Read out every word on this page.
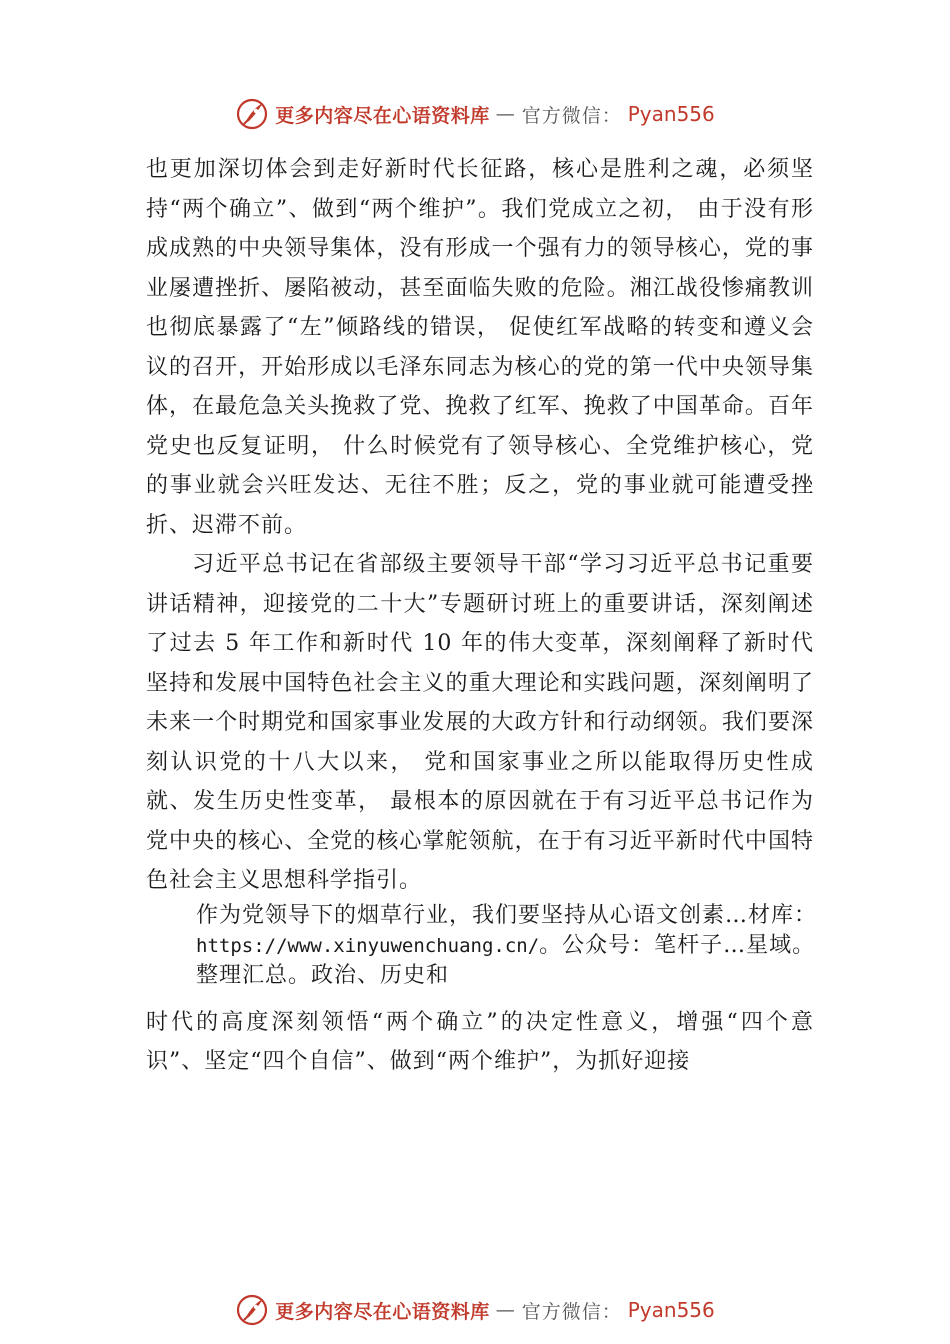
更多内容尽在心语资料库 — 官方微信： Pyan556

也更加深切体会到走好新时代长征路，核心是胜利之魂，必须坚持“两个确立”、做到“两个维护”。我们党成立之初， 由于没有形成成熟的中央领导集体，没有形成一个强有力的领导核心，党的事业屡遭挫折、屡陷被动，甚至面临失败的危险。湘江战役惨痛教训也彻底暴露了“左”倾路线的错误， 促使红军战略的转变和遵义会议的召开，开始形成以毛泽东同志为核心的党的第一代中央领导集体，在最危急关头挽救了党、挽救了红军、挽救了中国革命。百年党史也反复证明， 什么时候党有了领导核心、全党维护核心，党的事业就会兴旺发达、无往不胜；反之，党的事业就可能遭受挫折、迟滞不前。

习近平总书记在省部级主要领导干部“学习习近平总书记重要讲话精神，迎接党的二十大”专题研讨班上的重要讲话，深刻阐述了过去 5 年工作和新时代 10 年的伟大变革，深刻阐释了新时代坚持和发展中国特色社会主义的重大理论和实践问题，深刻阐明了未来一个时期党和国家事业发展的大政方针和行动纲领。我们要深刻认识党的十八大以来， 党和国家事业之所以能取得历史性成就、发生历史性变革， 最根本的原因就在于有习近平总书记作为党中央的核心、全党的核心掌舵领航，在于有习近平新时代中国特色社会主义思想科学指引。

作为党领导下的烟草行业，我们要坚持从心语文创素…材库：https://www.xinyuwenchuang.cn/。公众号：笔杆子…星域。整理汇总。政治、历史和

时代的高度深刻领悟“两个确立”的决定性意义，增强“四个意识”、坚定“四个自信”、做到“两个维护”，为抓好迎接

更多内容尽在心语资料库 — 官方微信： Pyan556
